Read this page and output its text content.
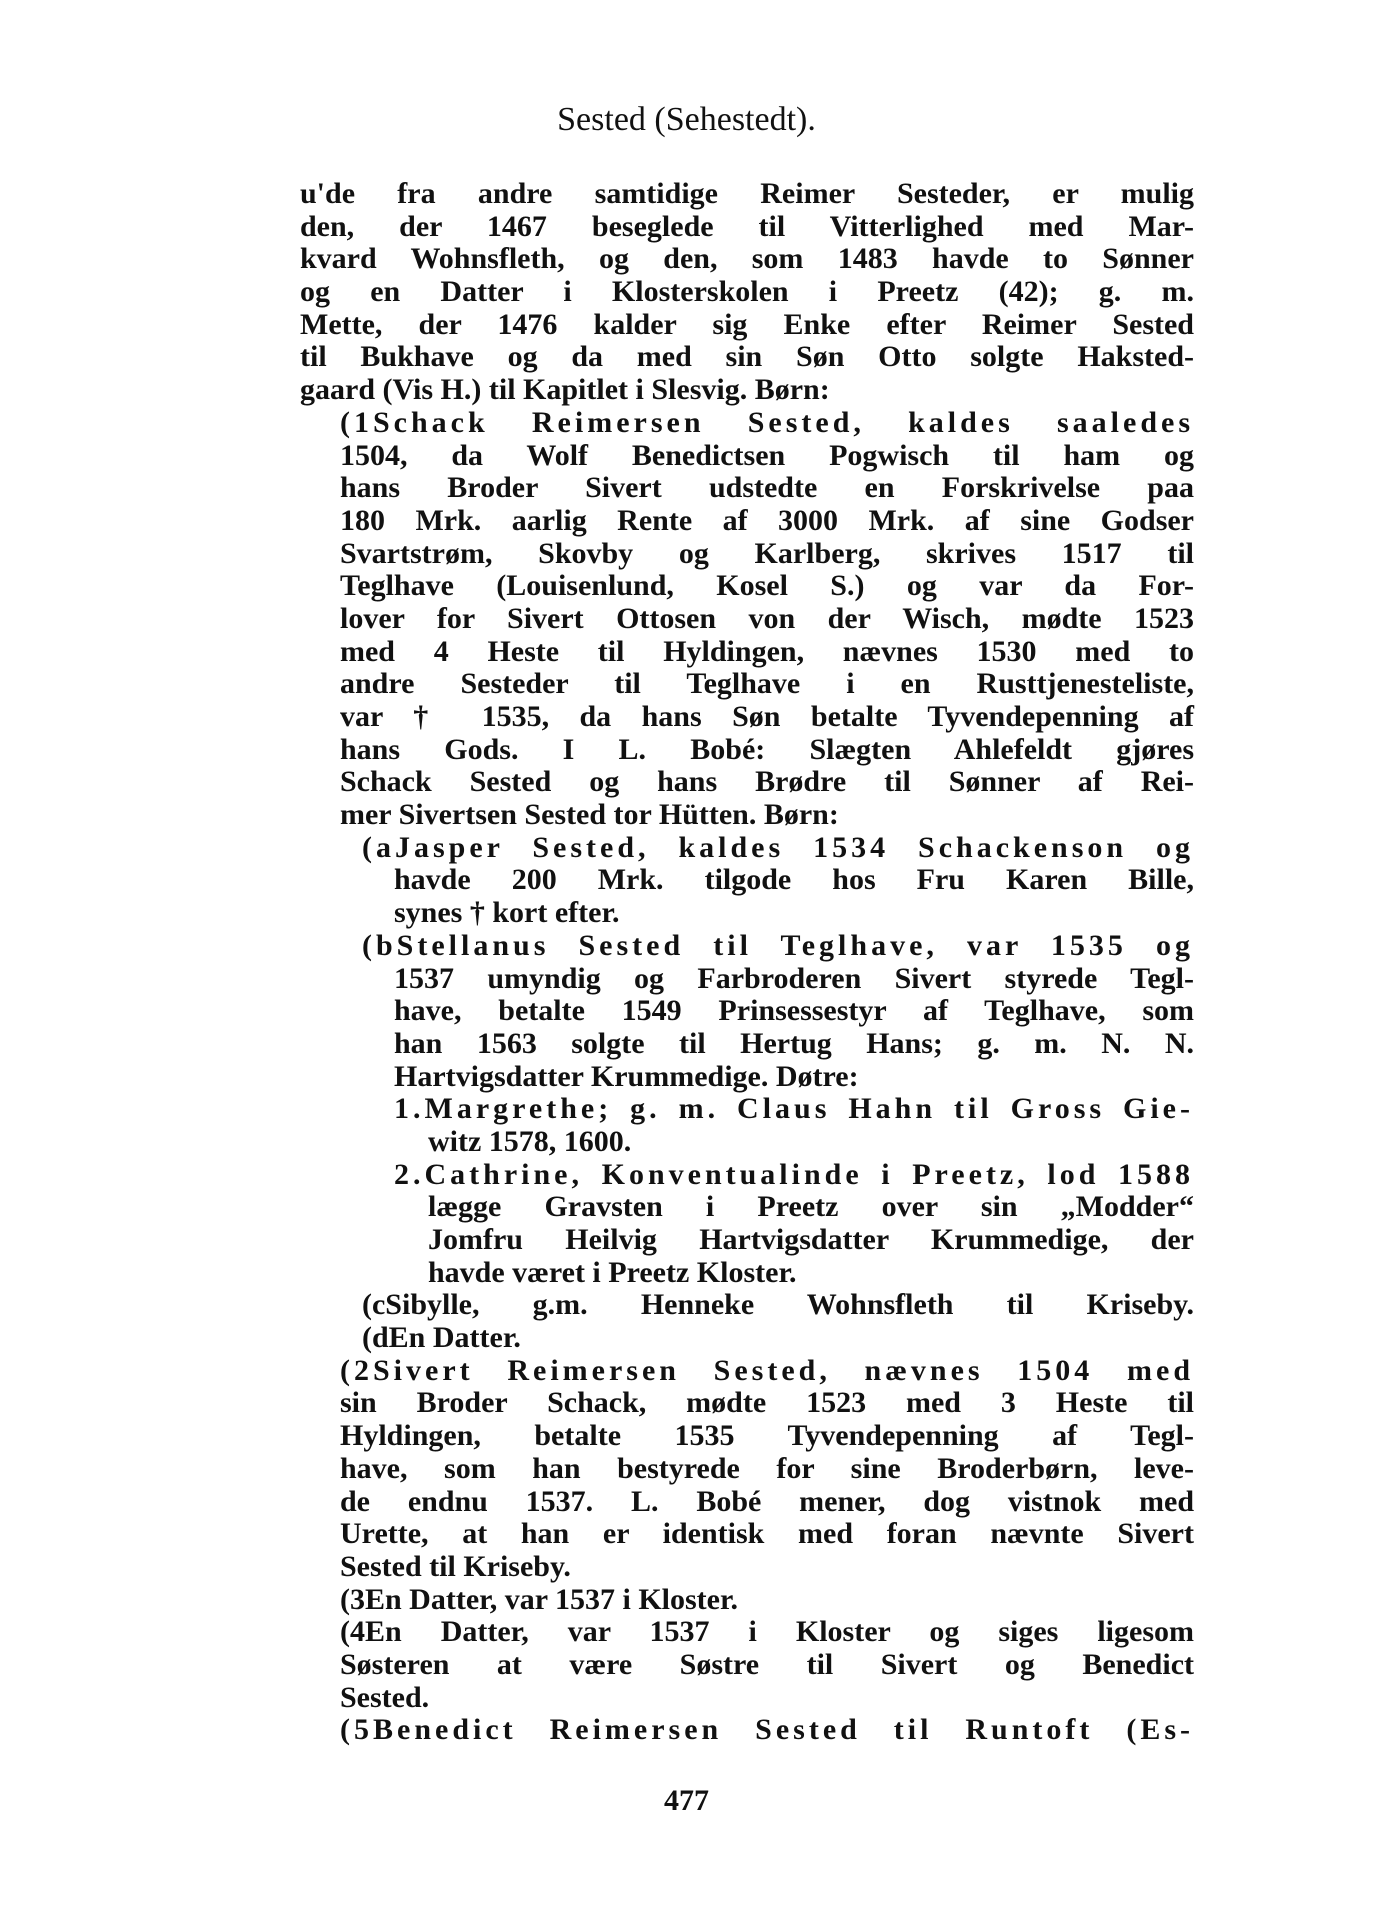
Sested (Sehestedt).
u'de fra andre samtidige Reimer Sesteder, er mulig
den, der 1467 beseglede til Vitterlighed med Mar-
kvard Wohnsfleth, og den, som 1483 havde to Sønner
og en Datter i Klosterskolen i Preetz (42); g. m.
Mette, der 1476 kalder sig Enke efter Reimer Sested
til Bukhave og da med sin Søn Otto solgte Haksted-
gaard (Vis H.) til Kapitlet i Slesvig. Børn:
(1Schack Reimersen Sested, kaldes saaledes
1504, da Wolf Benedictsen Pogwisch til ham og
hans Broder Sivert udstedte en Forskrivelse paa
180 Mrk. aarlig Rente af 3000 Mrk. af sine Godser
Svartstrøm, Skovby og Karlberg, skrives 1517 til
Teglhave (Louisenlund, Kosel S.) og var da For-
lover for Sivert Ottosen von der Wisch, mødte 1523
med 4 Heste til Hyldingen, nævnes 1530 med to
andre Sesteder til Teglhave i en Rusttjenesteliste,
var † 1535, da hans Søn betalte Tyvendepenning af
hans Gods. I L. Bobé: Slægten Ahlefeldt gjøres
Schack Sested og hans Brødre til Sønner af Rei-
mer Sivertsen Sested tor Hütten. Børn:
(aJasper Sested, kaldes 1534 Schackenson og
havde 200 Mrk. tilgode hos Fru Karen Bille,
synes † kort efter.
(bStellanus Sested til Teglhave, var 1535 og
1537 umyndig og Farbroderen Sivert styrede Tegl-
have, betalte 1549 Prinsessestyr af Teglhave, som
han 1563 solgte til Hertug Hans; g. m. N. N.
Hartvigsdatter Krummedige. Døtre:
1.Margrethe; g. m. Claus Hahn til Gross Gie-
witz 1578, 1600.
2.Cathrine, Konventualinde i Preetz, lod 1588
lægge Gravsten i Preetz over sin „Modder“
Jomfru Heilvig Hartvigsdatter Krummedige, der
havde været i Preetz Kloster.
(cSibylle, g.m. Henneke Wohnsfleth til Kriseby.
(dEn Datter.
(2Sivert Reimersen Sested, nævnes 1504 med
sin Broder Schack, mødte 1523 med 3 Heste til
Hyldingen, betalte 1535 Tyvendepenning af Tegl-
have, som han bestyrede for sine Broderbørn, leve-
de endnu 1537. L. Bobé mener, dog vistnok med
Urette, at han er identisk med foran nævnte Sivert
Sested til Kriseby.
(3En Datter, var 1537 i Kloster.
(4En Datter, var 1537 i Kloster og siges ligesom
Søsteren at være Søstre til Sivert og Benedict
Sested.
(5Benedict Reimersen Sested til Runtoft (Es-
477
